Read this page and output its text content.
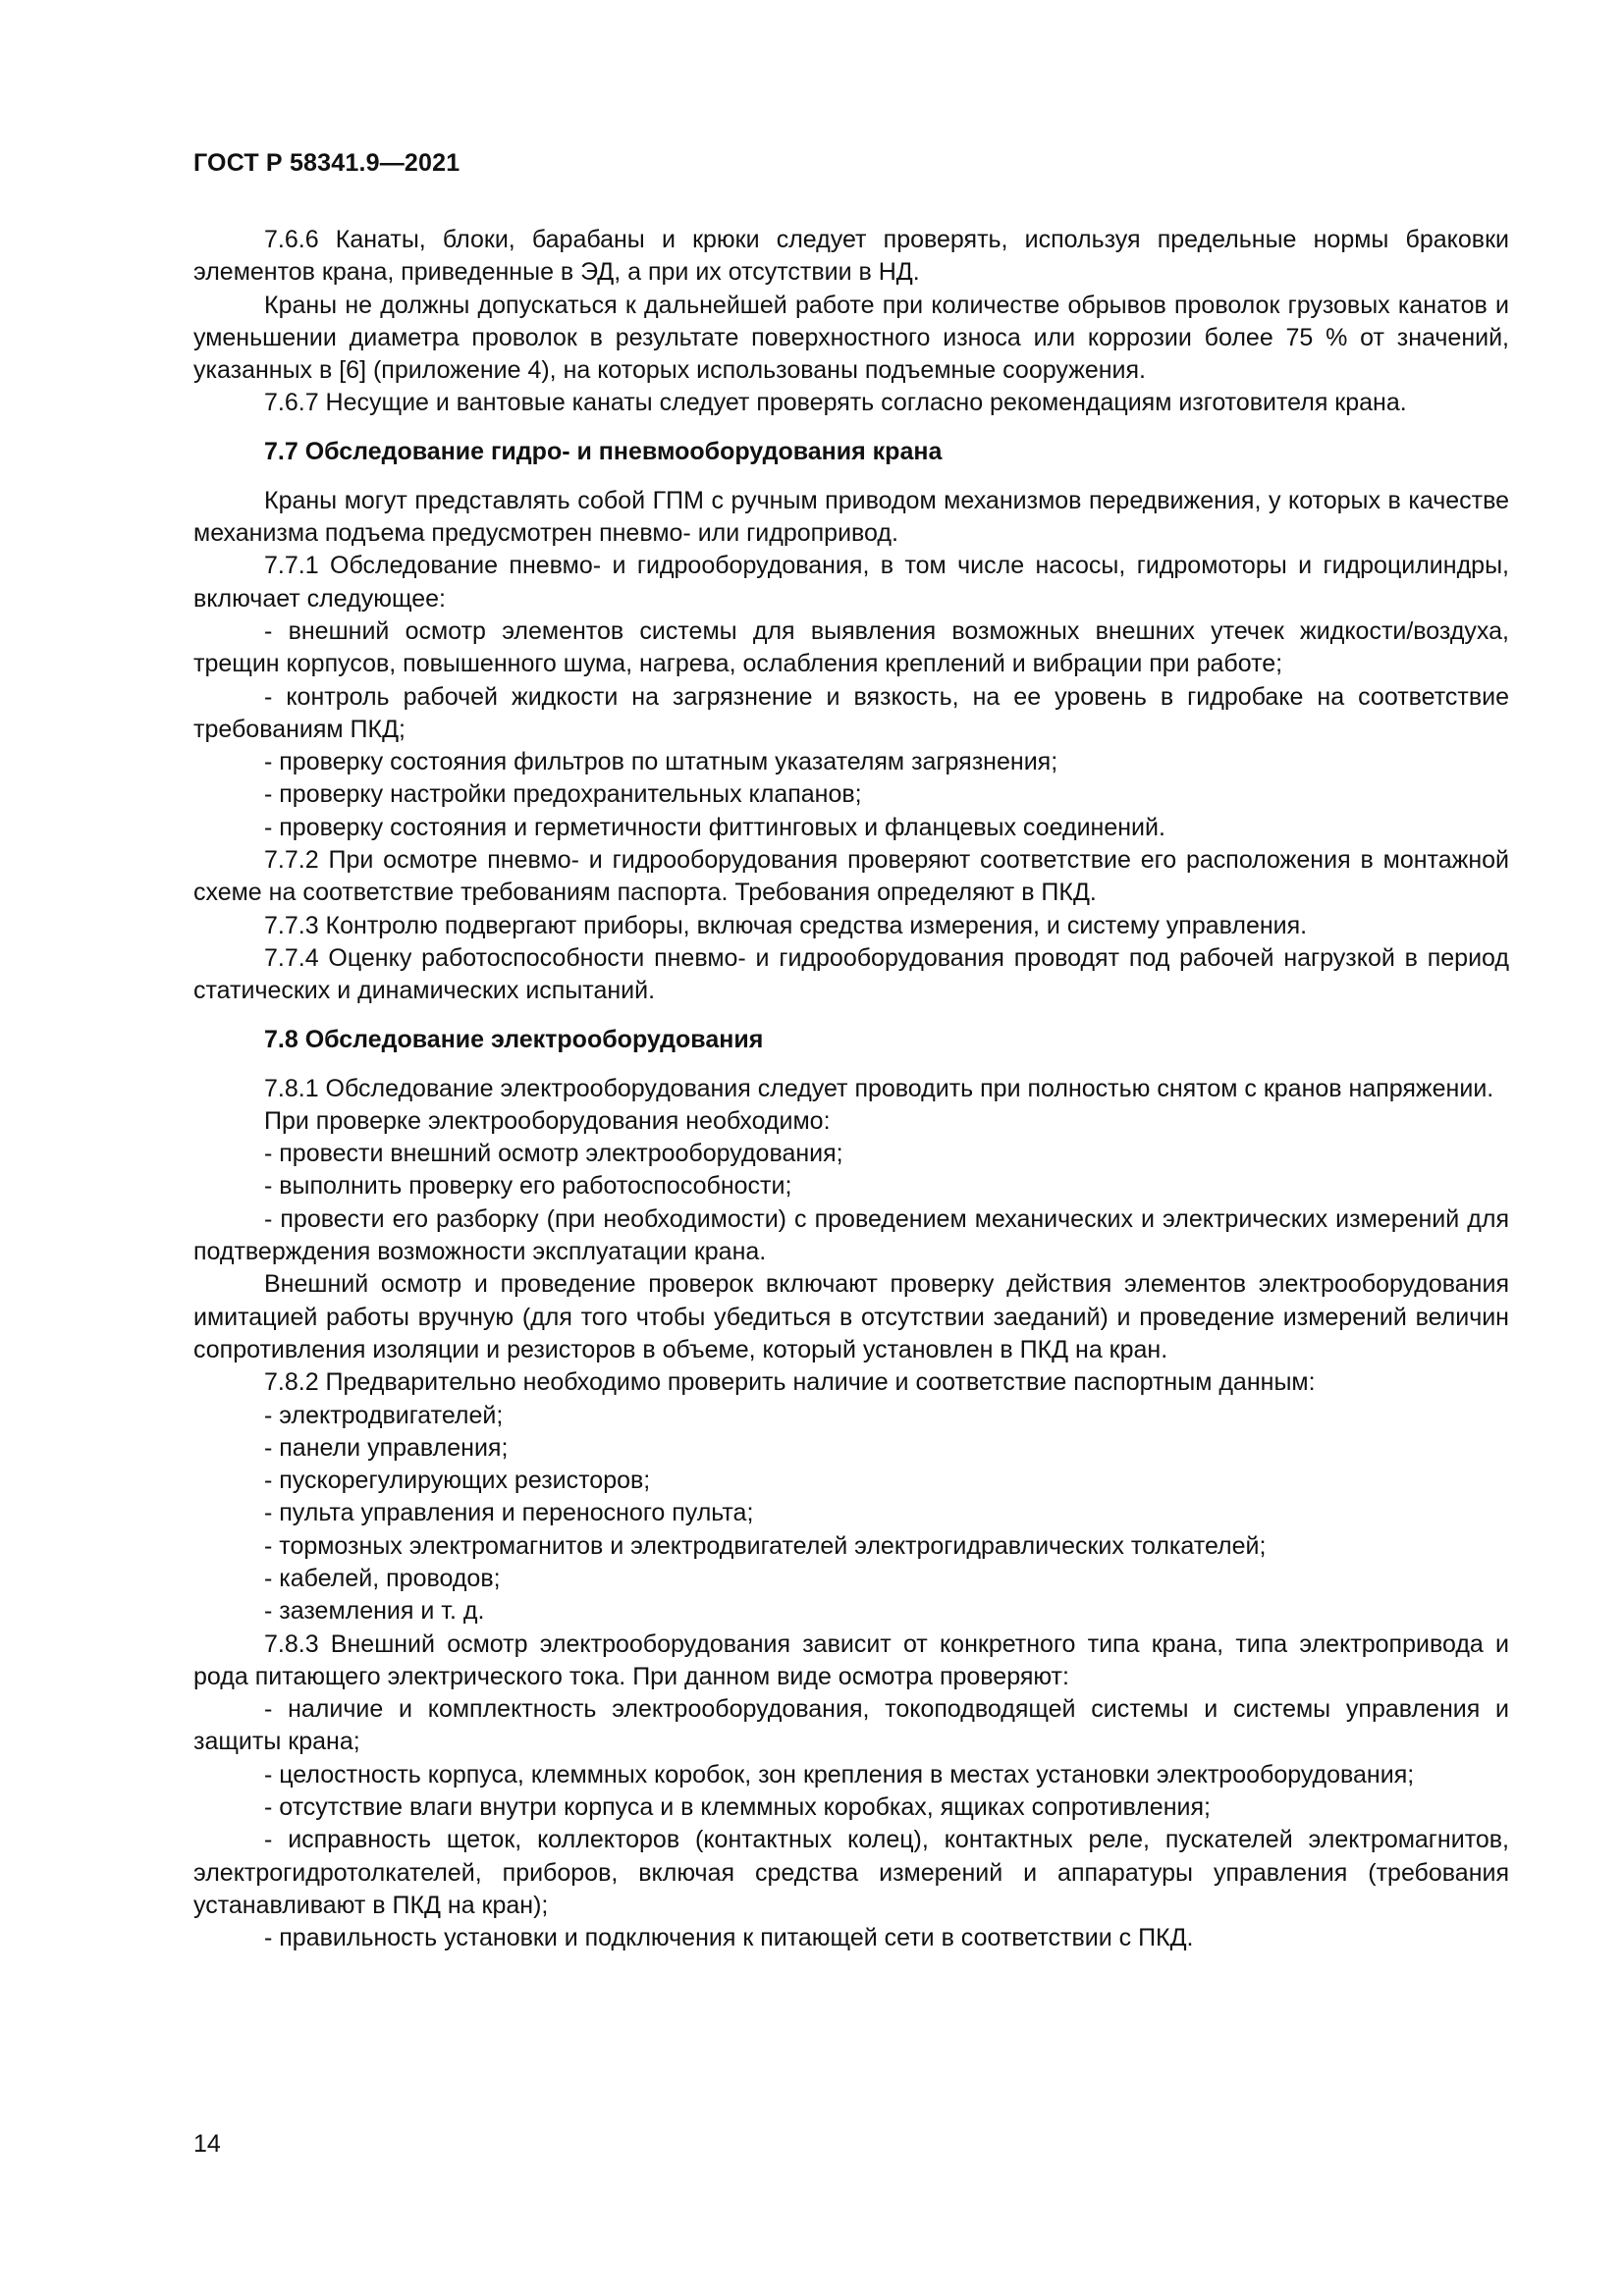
ГОСТ Р 58341.9—2021

7.6.6 Канаты, блоки, барабаны и крюки следует проверять, используя предельные нормы браковки элементов крана, приведенные в ЭД, а при их отсутствии в НД.

Краны не должны допускаться к дальнейшей работе при количестве обрывов проволок грузовых канатов и уменьшении диаметра проволок в результате поверхностного износа или коррозии более 75 % от значений, указанных в [6] (приложение 4), на которых использованы подъемные сооружения.

7.6.7 Несущие и вантовые канаты следует проверять согласно рекомендациям изготовителя крана.

7.7 Обследование гидро- и пневмооборудования крана

Краны могут представлять собой ГПМ с ручным приводом механизмов передвижения, у которых в качестве механизма подъема предусмотрен пневмо- или гидропривод.

7.7.1 Обследование пневмо- и гидрооборудования, в том числе насосы, гидромоторы и гидроцилиндры, включает следующее:

- внешний осмотр элементов системы для выявления возможных внешних утечек жидкости/воздуха, трещин корпусов, повышенного шума, нагрева, ослабления креплений и вибрации при работе;

- контроль рабочей жидкости на загрязнение и вязкость, на ее уровень в гидробаке на соответствие требованиям ПКД;

- проверку состояния фильтров по штатным указателям загрязнения;

- проверку настройки предохранительных клапанов;

- проверку состояния и герметичности фиттинговых и фланцевых соединений.

7.7.2 При осмотре пневмо- и гидрооборудования проверяют соответствие его расположения в монтажной схеме на соответствие требованиям паспорта. Требования определяют в ПКД.

7.7.3 Контролю подвергают приборы, включая средства измерения, и систему управления.

7.7.4 Оценку работоспособности пневмо- и гидрооборудования проводят под рабочей нагрузкой в период статических и динамических испытаний.

7.8 Обследование электрооборудования

7.8.1 Обследование электрооборудования следует проводить при полностью снятом с кранов напряжении.

При проверке электрооборудования необходимо:

- провести внешний осмотр электрооборудования;

- выполнить проверку его работоспособности;

- провести его разборку (при необходимости) с проведением механических и электрических измерений для подтверждения возможности эксплуатации крана.

Внешний осмотр и проведение проверок включают проверку действия элементов электрооборудования имитацией работы вручную (для того чтобы убедиться в отсутствии заеданий) и проведение измерений величин сопротивления изоляции и резисторов в объеме, который установлен в ПКД на кран.

7.8.2 Предварительно необходимо проверить наличие и соответствие паспортным данным:

- электродвигателей;

- панели управления;

- пускорегулирующих резисторов;

- пульта управления и переносного пульта;

- тормозных электромагнитов и электродвигателей электрогидравлических толкателей;

- кабелей, проводов;

- заземления и т. д.

7.8.3 Внешний осмотр электрооборудования зависит от конкретного типа крана, типа электропривода и рода питающего электрического тока. При данном виде осмотра проверяют:

- наличие и комплектность электрооборудования, токоподводящей системы и системы управления и защиты крана;

- целостность корпуса, клеммных коробок, зон крепления в местах установки электрооборудования;

- отсутствие влаги внутри корпуса и в клеммных коробках, ящиках сопротивления;

- исправность щеток, коллекторов (контактных колец), контактных реле, пускателей электромагнитов, электрогидротолкателей, приборов, включая средства измерений и аппаратуры управления (требования устанавливают в ПКД на кран);

- правильность установки и подключения к питающей сети в соответствии с ПКД.

14
